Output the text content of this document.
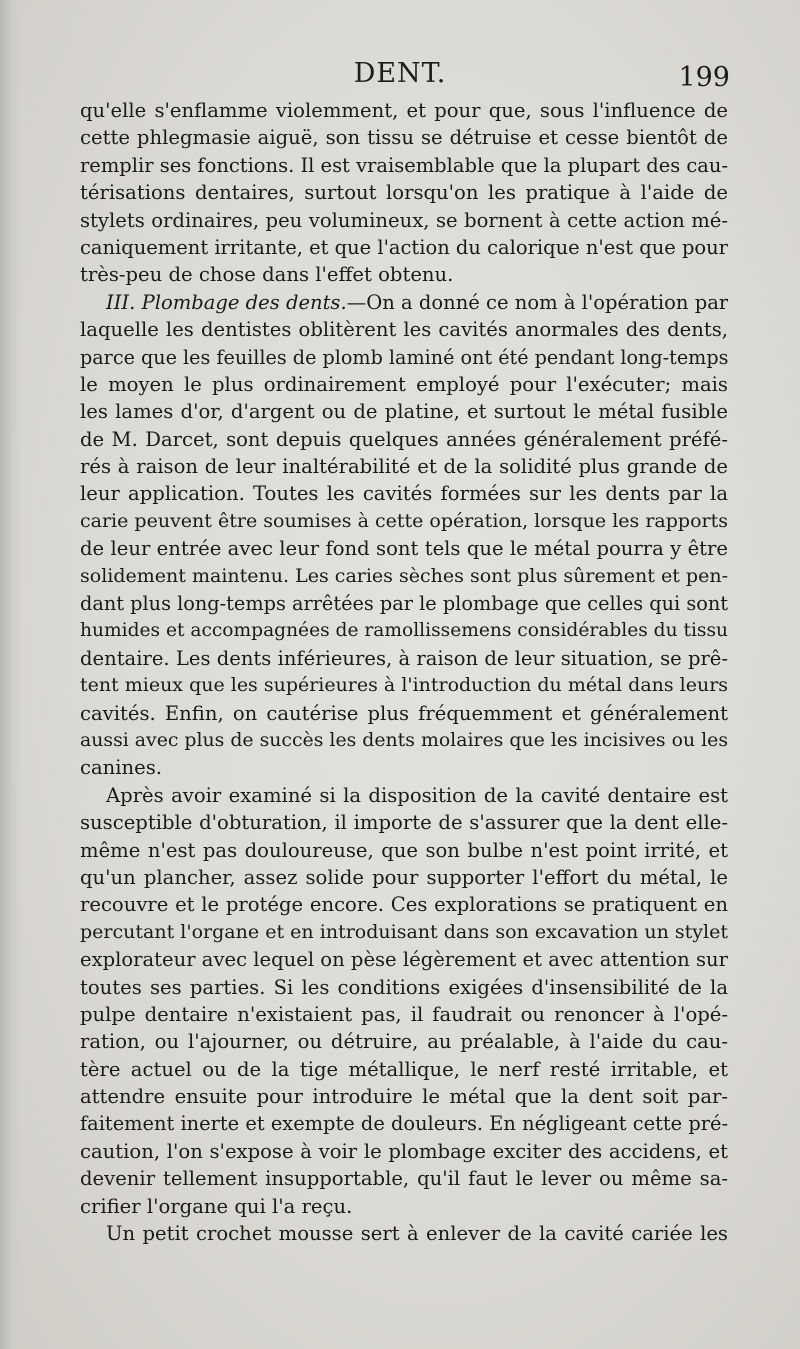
DENT.	199
qu'elle s'enflamme violemment, et pour que, sous l'influence de
cette phlegmasie aiguë, son tissu se détruise et cesse bientôt de
remplir ses fonctions. Il est vraisemblable que la plupart des cau-
térisations dentaires, surtout lorsqu'on les pratique à l'aide de
stylets ordinaires, peu volumineux, se bornent à cette action mé-
caniquement irritante, et que l'action du calorique n'est que pour
très-peu de chose dans l'effet obtenu.
III. Plombage des dents.—On a donné ce nom à l'opération par
laquelle les dentistes oblitèrent les cavités anormales des dents,
parce que les feuilles de plomb laminé ont été pendant long-temps
le moyen le plus ordinairement employé pour l'exécuter; mais
les lames d'or, d'argent ou de platine, et surtout le métal fusible
de M. Darcet, sont depuis quelques années généralement préfé-
rés à raison de leur inaltérabilité et de la solidité plus grande de
leur application. Toutes les cavités formées sur les dents par la
carie peuvent être soumises à cette opération, lorsque les rapports
de leur entrée avec leur fond sont tels que le métal pourra y être
solidement maintenu. Les caries sèches sont plus sûrement et pen-
dant plus long-temps arrêtées par le plombage que celles qui sont
humides et accompagnées de ramollissemens considérables du tissu
dentaire. Les dents inférieures, à raison de leur situation, se prê-
tent mieux que les supérieures à l'introduction du métal dans leurs
cavités. Enfin, on cautérise plus fréquemment et généralement
aussi avec plus de succès les dents molaires que les incisives ou les
canines.
Après avoir examiné si la disposition de la cavité dentaire est
susceptible d'obturation, il importe de s'assurer que la dent elle-
même n'est pas douloureuse, que son bulbe n'est point irrité, et
qu'un plancher, assez solide pour supporter l'effort du métal, le
recouvre et le protége encore. Ces explorations se pratiquent en
percutant l'organe et en introduisant dans son excavation un stylet
explorateur avec lequel on pèse légèrement et avec attention sur
toutes ses parties. Si les conditions exigées d'insensibilité de la
pulpe dentaire n'existaient pas, il faudrait ou renoncer à l'opé-
ration, ou l'ajourner, ou détruire, au préalable, à l'aide du cau-
tère actuel ou de la tige métallique, le nerf resté irritable, et
attendre ensuite pour introduire le métal que la dent soit par-
faitement inerte et exempte de douleurs. En négligeant cette pré-
caution, l'on s'expose à voir le plombage exciter des accidens, et
devenir tellement insupportable, qu'il faut le lever ou même sa-
crifier l'organe qui l'a reçu.
Un petit crochet mousse sert à enlever de la cavité cariée les
